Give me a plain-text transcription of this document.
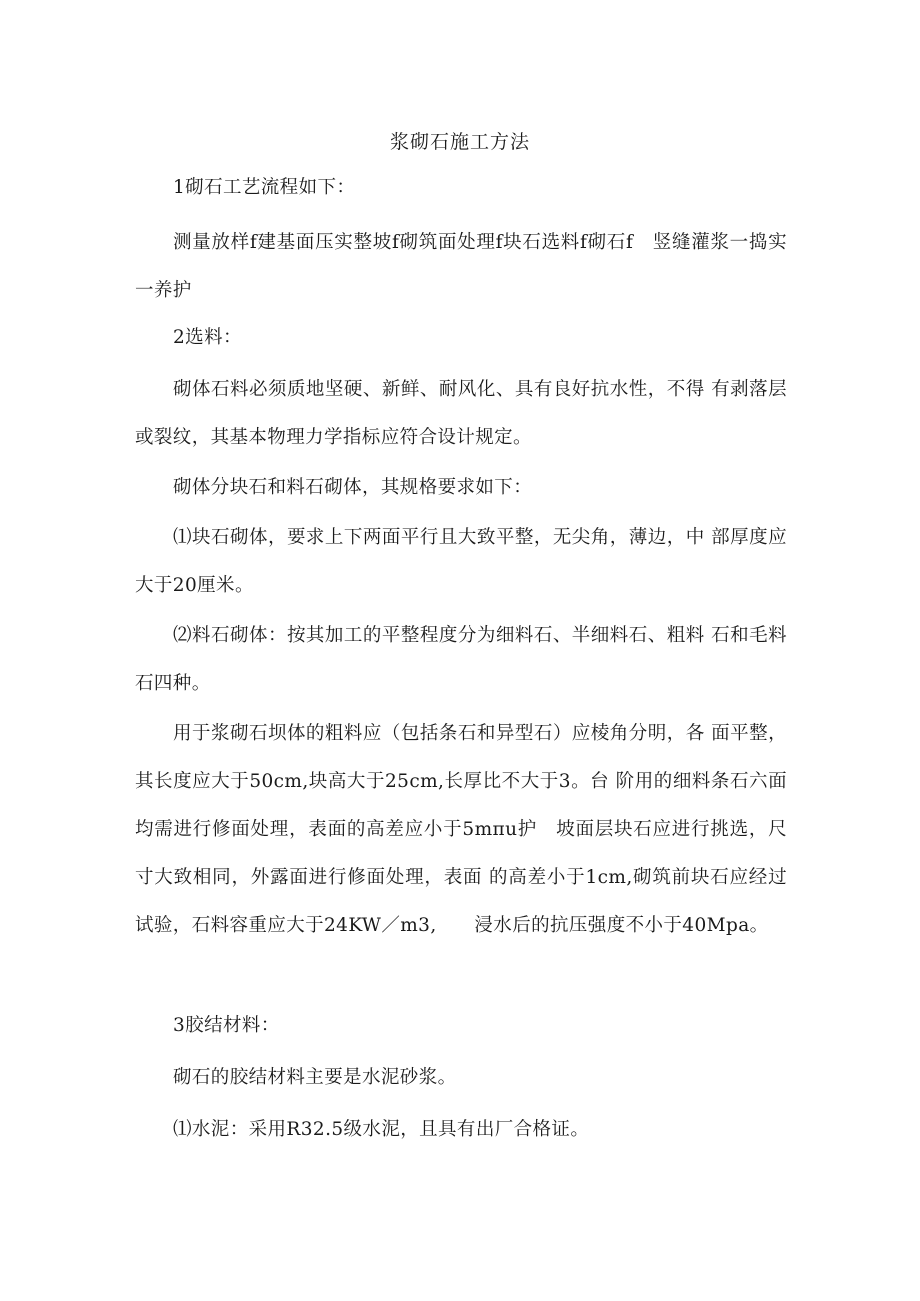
浆砌石施工方法

1砌石工艺流程如下：

测量放样f建基面压实整坡f砌筑面处理f块石选料f砌石f　竖缝灌浆一捣实一养护

2选料：

砌体石料必须质地坚硬、新鲜、耐风化、具有良好抗水性，不得 有剥落层或裂纹，其基本物理力学指标应符合设计规定。

砌体分块石和料石砌体，其规格要求如下：

⑴块石砌体，要求上下两面平行且大致平整，无尖角，薄边，中 部厚度应大于20厘米。

⑵料石砌体：按其加工的平整程度分为细料石、半细料石、粗料 石和毛料石四种。

用于浆砌石坝体的粗料应（包括条石和异型石）应棱角分明，各 面平整，其长度应大于50cm,块高大于25cm,长厚比不大于3。台 阶用的细料条石六面均需进行修面处理，表面的高差应小于5mπu护　坡面层块石应进行挑选，尺寸大致相同，外露面进行修面处理，表面 的高差小于1cm,砌筑前块石应经过试验，石料容重应大于24KW／m3,　　浸水后的抗压强度不小于40Mpa。

3胶结材料：

砌石的胶结材料主要是水泥砂浆。

⑴水泥：采用R32.5级水泥，且具有出厂合格证。
